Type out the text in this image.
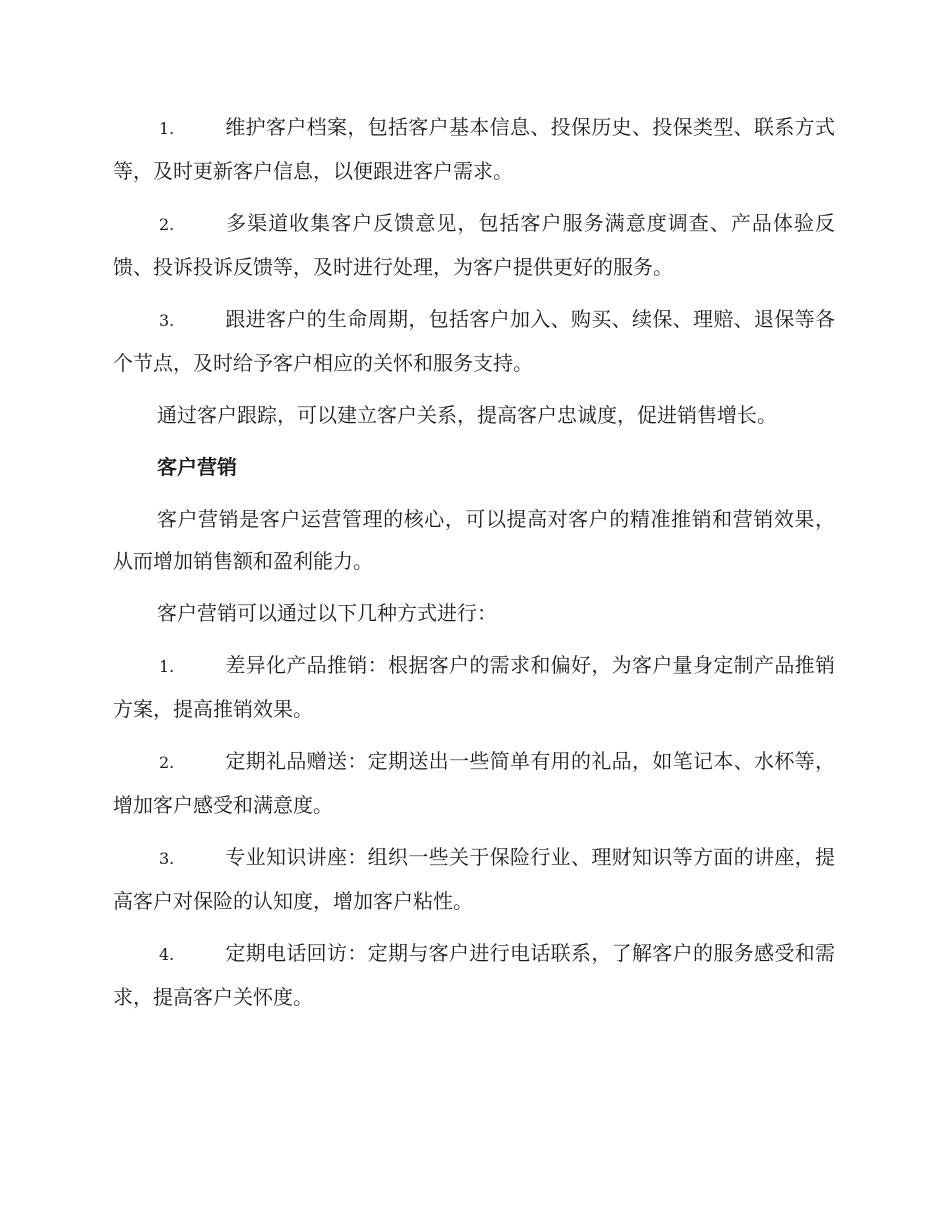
1.	维护客户档案，包括客户基本信息、投保历史、投保类型、联系方式等，及时更新客户信息，以便跟进客户需求。

2.	多渠道收集客户反馈意见，包括客户服务满意度调查、产品体验反馈、投诉投诉反馈等，及时进行处理，为客户提供更好的服务。

3.	跟进客户的生命周期，包括客户加入、购买、续保、理赔、退保等各个节点，及时给予客户相应的关怀和服务支持。

通过客户跟踪，可以建立客户关系，提高客户忠诚度，促进销售增长。

客户营销

客户营销是客户运营管理的核心，可以提高对客户的精准推销和营销效果，从而增加销售额和盈利能力。

客户营销可以通过以下几种方式进行：

1.	差异化产品推销：根据客户的需求和偏好，为客户量身定制产品推销方案，提高推销效果。

2.	定期礼品赠送：定期送出一些简单有用的礼品，如笔记本、水杯等，增加客户感受和满意度。

3.	专业知识讲座：组织一些关于保险行业、理财知识等方面的讲座，提高客户对保险的认知度，增加客户粘性。

4.	定期电话回访：定期与客户进行电话联系，了解客户的服务感受和需求，提高客户关怀度。
